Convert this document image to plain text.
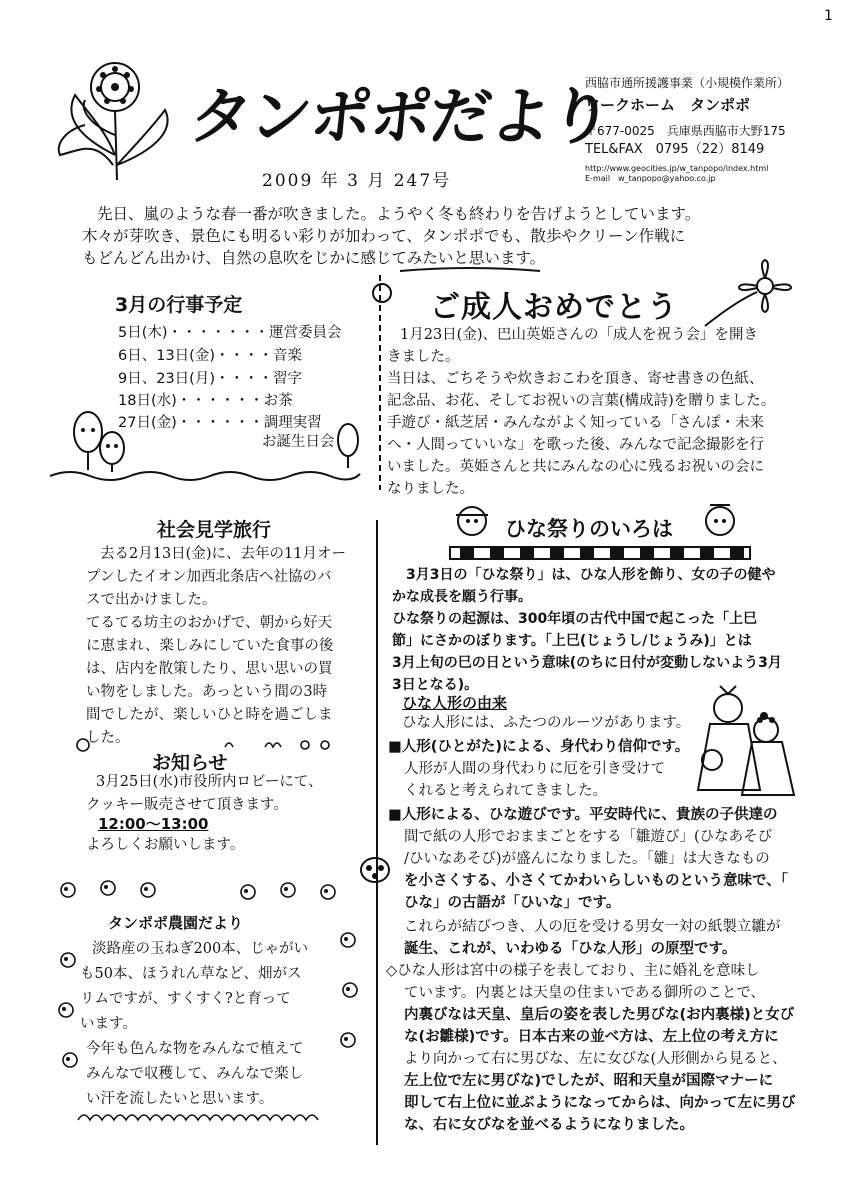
1
タンポポだより
2009 年 3 月 247号
西脇市通所援護事業（小規模作業所）
ワークホーム　タンポポ
〒677-0025　兵庫県西脇市大野175
TEL&FAX　0795（22）8149
http://www.geocities.jp/w_tanpopo/index.html
E-mail　w_tanpopo@yahoo.co.jp
先日、嵐のような春一番が吹きました。ようやく冬も終わりを告げようとしています。
木々が芽吹き、景色にも明るい彩りが加わって、タンポポでも、散歩やクリーン作戦に
もどんどん出かけ、自然の息吹をじかに感じてみたいと思います。
3月の行事予定
5日(木)・・・・・・・運営委員会
6日、13日(金)・・・・音楽
9日、23日(月)・・・・習字
18日(水)・・・・・・お茶
27日(金)・・・・・・調理実習
お誕生日会
ご成人おめでとう
1月23日(金)、巴山英姫さんの「成人を祝う会」を開き
きました。
当日は、ごちそうや炊きおこわを頂き、寄せ書きの色紙、
記念品、お花、そしてお祝いの言葉(構成詩)を贈りました。
手遊び・紙芝居・みんながよく知っている「さんぽ・未来
へ・人間っていいな」を歌った後、みんなで記念撮影を行
いました。英姫さんと共にみんなの心に残るお祝いの会に
なりました。
社会見学旅行
去る2月13日(金)に、去年の11月オー
プンしたイオン加西北条店へ社協のバ
スで出かけました。
てるてる坊主のおかげで、朝から好天
に恵まれ、楽しみにしていた食事の後
は、店内を散策したり、思い思いの買
い物をしました。あっという間の3時
間でしたが、楽しいひと時を過ごしま
した。
お知らせ
3月25日(水)市役所内ロビーにて、
クッキー販売させて頂きます。
12:00～13:00
よろしくお願いします。
タンポポ農園だより
淡路産の玉ねぎ200本、じゃがい
も50本、ほうれん草など、畑がス
リムですが、すくすく?と育って
います。
今年も色んな物をみんなで植えて
みんなで収穫して、みんなで楽し
い汗を流したいと思います。
ひな祭りのいろは
3月3日の「ひな祭り」は、ひな人形を飾り、女の子の健や
かな成長を願う行事。
ひな祭りの起源は、300年頃の古代中国で起こった「上巳
節」にさかのぼります。「上巳(じょうし/じょうみ)」とは
3月上旬の巳の日という意味(のちに日付が変動しないよう3月
3日となる)。
ひな人形の由来
ひな人形には、ふたつのルーツがあります。
■人形(ひとがた)による、身代わり信仰です。
人形が人間の身代わりに厄を引き受けて
くれると考えられてきました。
■人形による、ひな遊びです。平安時代に、貴族の子供達の
間で紙の人形でおままごとをする「雛遊び」(ひなあそび
/ひいなあそび)が盛んになりました。「雛」は大きなもの
を小さくする、小さくてかわいらしいものという意味で、「
ひな」の古語が「ひいな」です。
これらが結びつき、人の厄を受ける男女一対の紙製立雛が
誕生、これが、いわゆる「ひな人形」の原型です。
◇ひな人形は宮中の様子を表しており、主に婚礼を意味し
ています。内裏とは天皇の住まいである御所のことで、
内裏びなは天皇、皇后の姿を表した男びな(お内裏様)と女び
な(お雛様)です。日本古来の並べ方は、左上位の考え方に
より向かって右に男びな、左に女びな(人形側から見ると、
左上位で左に男びな)でしたが、昭和天皇が国際マナーに
即して右上位に並ぶようになってからは、向かって左に男び
な、右に女びなを並べるようになりました。
